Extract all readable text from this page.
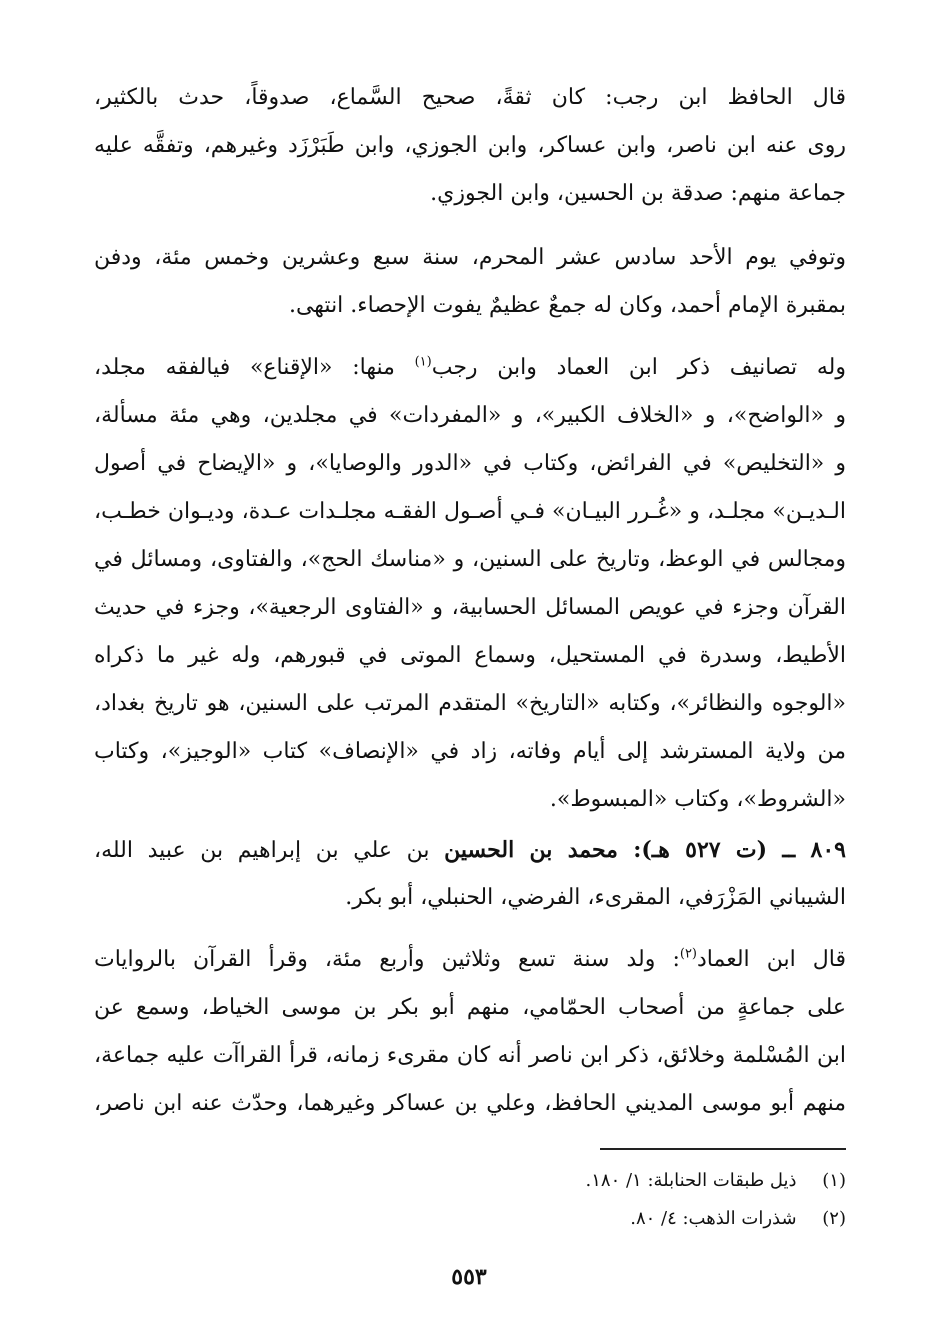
قال الحافظ ابن رجب: كان ثقةً، صحيح السَّماع، صدوقاً، حدث بالكثير،
روى عنه ابن ناصر، وابن عساكر، وابن الجوزي، وابن طَبَرْزَد وغيرهم، وتفقَّه عليه
جماعة منهم: صدقة بن الحسين، وابن الجوزي.
وتوفي يوم الأحد سادس عشر المحرم، سنة سبع وعشرين وخمس مئة، ودفن
بمقبرة الإمام أحمد، وكان له جمعٌ عظيمٌ يفوت الإحصاء. انتهى.
وله تصانيف ذكر ابن العماد وابن رجب$^{(١)}$ منها: «الإقناع» فيالفقه مجلد،
و «الواضح»، و «الخلاف الكبير»، و «المفردات» في مجلدين، وهي مئة مسألة،
و «التخليص» في الفرائض، وكتاب في «الدور والوصايا»، و «الإيضاح في أصول
الـديـن» مجلـد، و «غُـرر البيـان» فـي أصـول الفقـه مجلـدات عـدة، وديـوان خطـب،
ومجالس في الوعظ، وتاريخ على السنين، و «مناسك الحج»، والفتاوى، ومسائل في
القرآن وجزء في عويص المسائل الحسابية، و «الفتاوى الرجعية»، وجزء في حديث
الأطيط، وسدرة في المستحيل، وسماع الموتى في قبورهم، وله غير ما ذكراه
«الوجوه والنظائر»، وكتابه «التاريخ» المتقدم المرتب على السنين، هو تاريخ بغداد،
من ولاية المسترشد إلى أيام وفاته، زاد في «الإنصاف» كتاب «الوجيز»، وكتاب
«الشروط»، وكتاب «المبسوط».
٨٠٩ ــ (ت ٥٢٧ هـ): محمد بن الحسين بن علي بن إبراهيم بن عبيد الله،
الشيباني المَزْرَفي، المقرىء، الفرضي، الحنبلي، أبو بكر.
قال ابن العماد$^{(٢)}$: ولد سنة تسع وثلاثين وأربع مئة، وقرأ القرآن بالروايات
على جماعةٍ من أصحاب الحمّامي، منهم أبو بكر بن موسى الخياط، وسمع عن
ابن المُسْلمة وخلائق، ذكر ابن ناصر أنه كان مقرىء زمانه، قرأ القراآت عليه جماعة،
منهم أبو موسى المديني الحافظ، وعلي بن عساكر وغيرهما، وحدّث عنه ابن ناصر،
(١)  ذيل طبقات الحنابلة: ١/ ١٨٠.
(٢)  شذرات الذهب: ٤/ ٨٠.
٥٥٣
